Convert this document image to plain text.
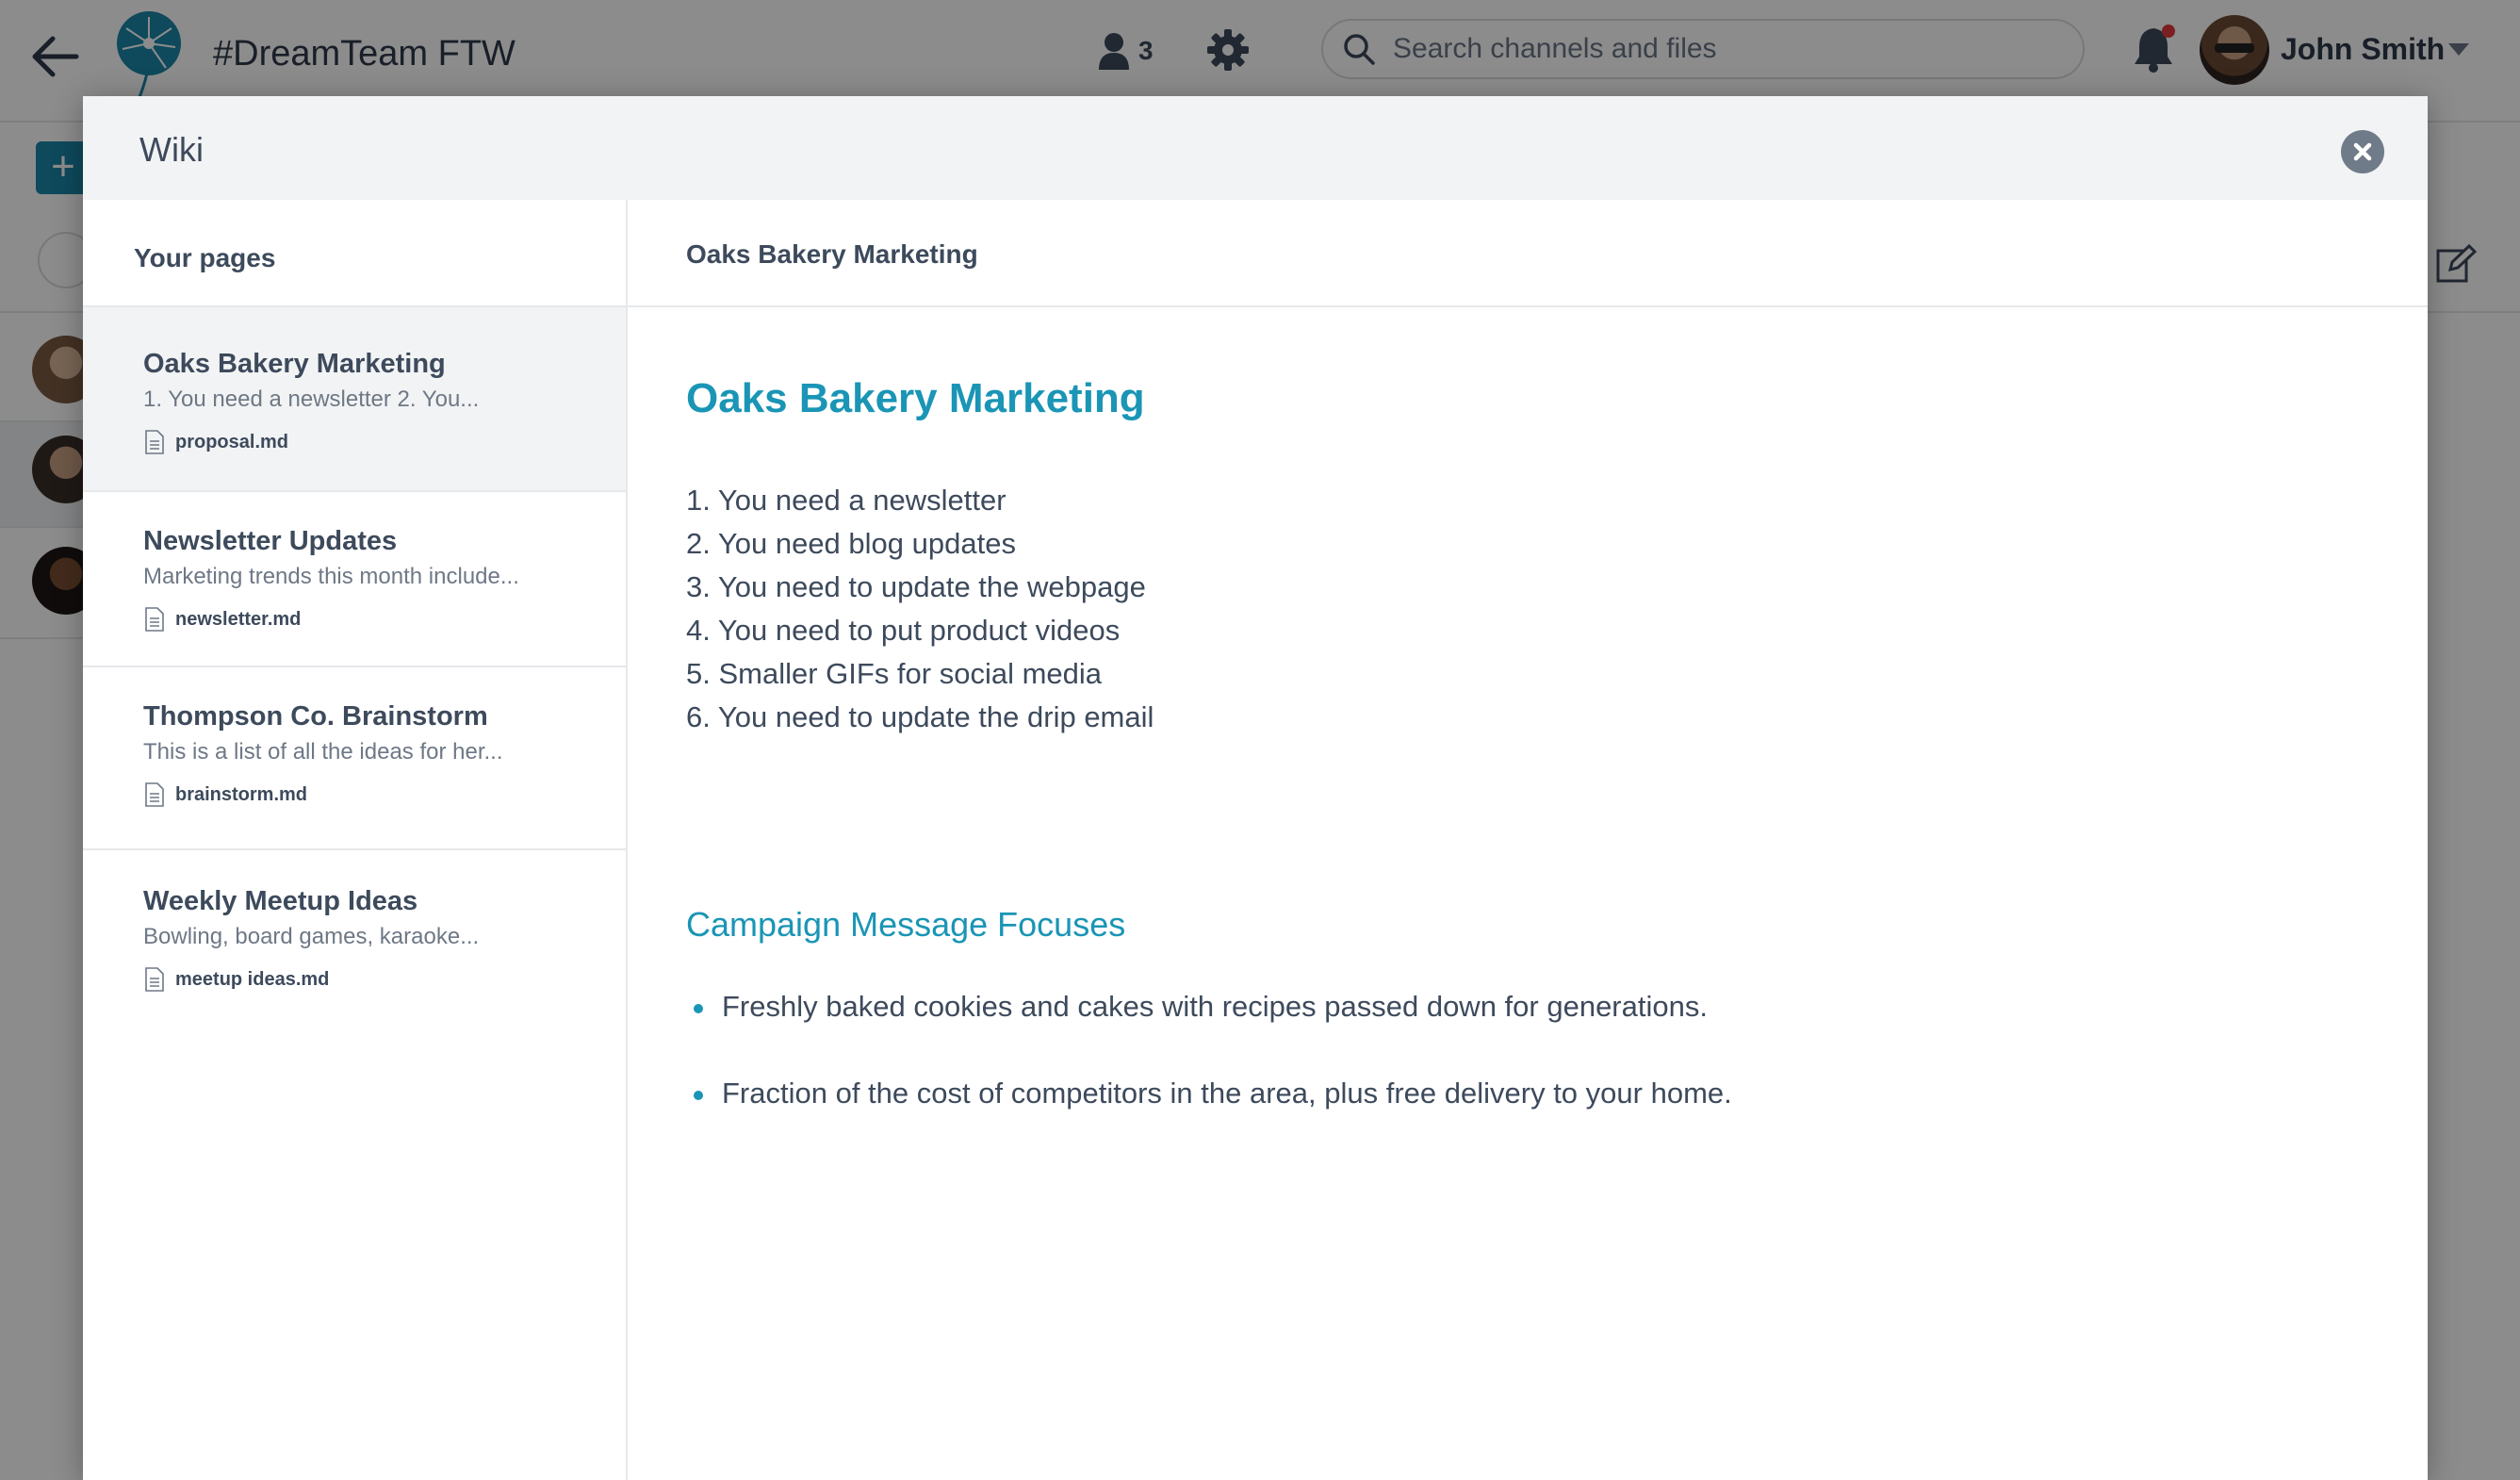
#DreamTeam FTW	3
Search channels and files	John Smith
+	Wiki
Your pages
Oaks Bakery Marketing
1. You need a newsletter 2. You...
proposal.md
Newsletter Updates
Marketing trends this month include...
newsletter.md
Thompson Co. Brainstorm
This is a list of all the ideas for her...
brainstorm.md
Weekly Meetup Ideas
Bowling, board games, karaoke...
meetup ideas.md
Oaks Bakery Marketing
Oaks Bakery Marketing
1. You need a newsletter
2. You need blog updates
3. You need to update the webpage
4. You need to put product videos
5. Smaller GIFs for social media
6. You need to update the drip email
Campaign Message Focuses
Freshly baked cookies and cakes with recipes passed down for generations.
Fraction of the cost of competitors in the area, plus free delivery to your home.
